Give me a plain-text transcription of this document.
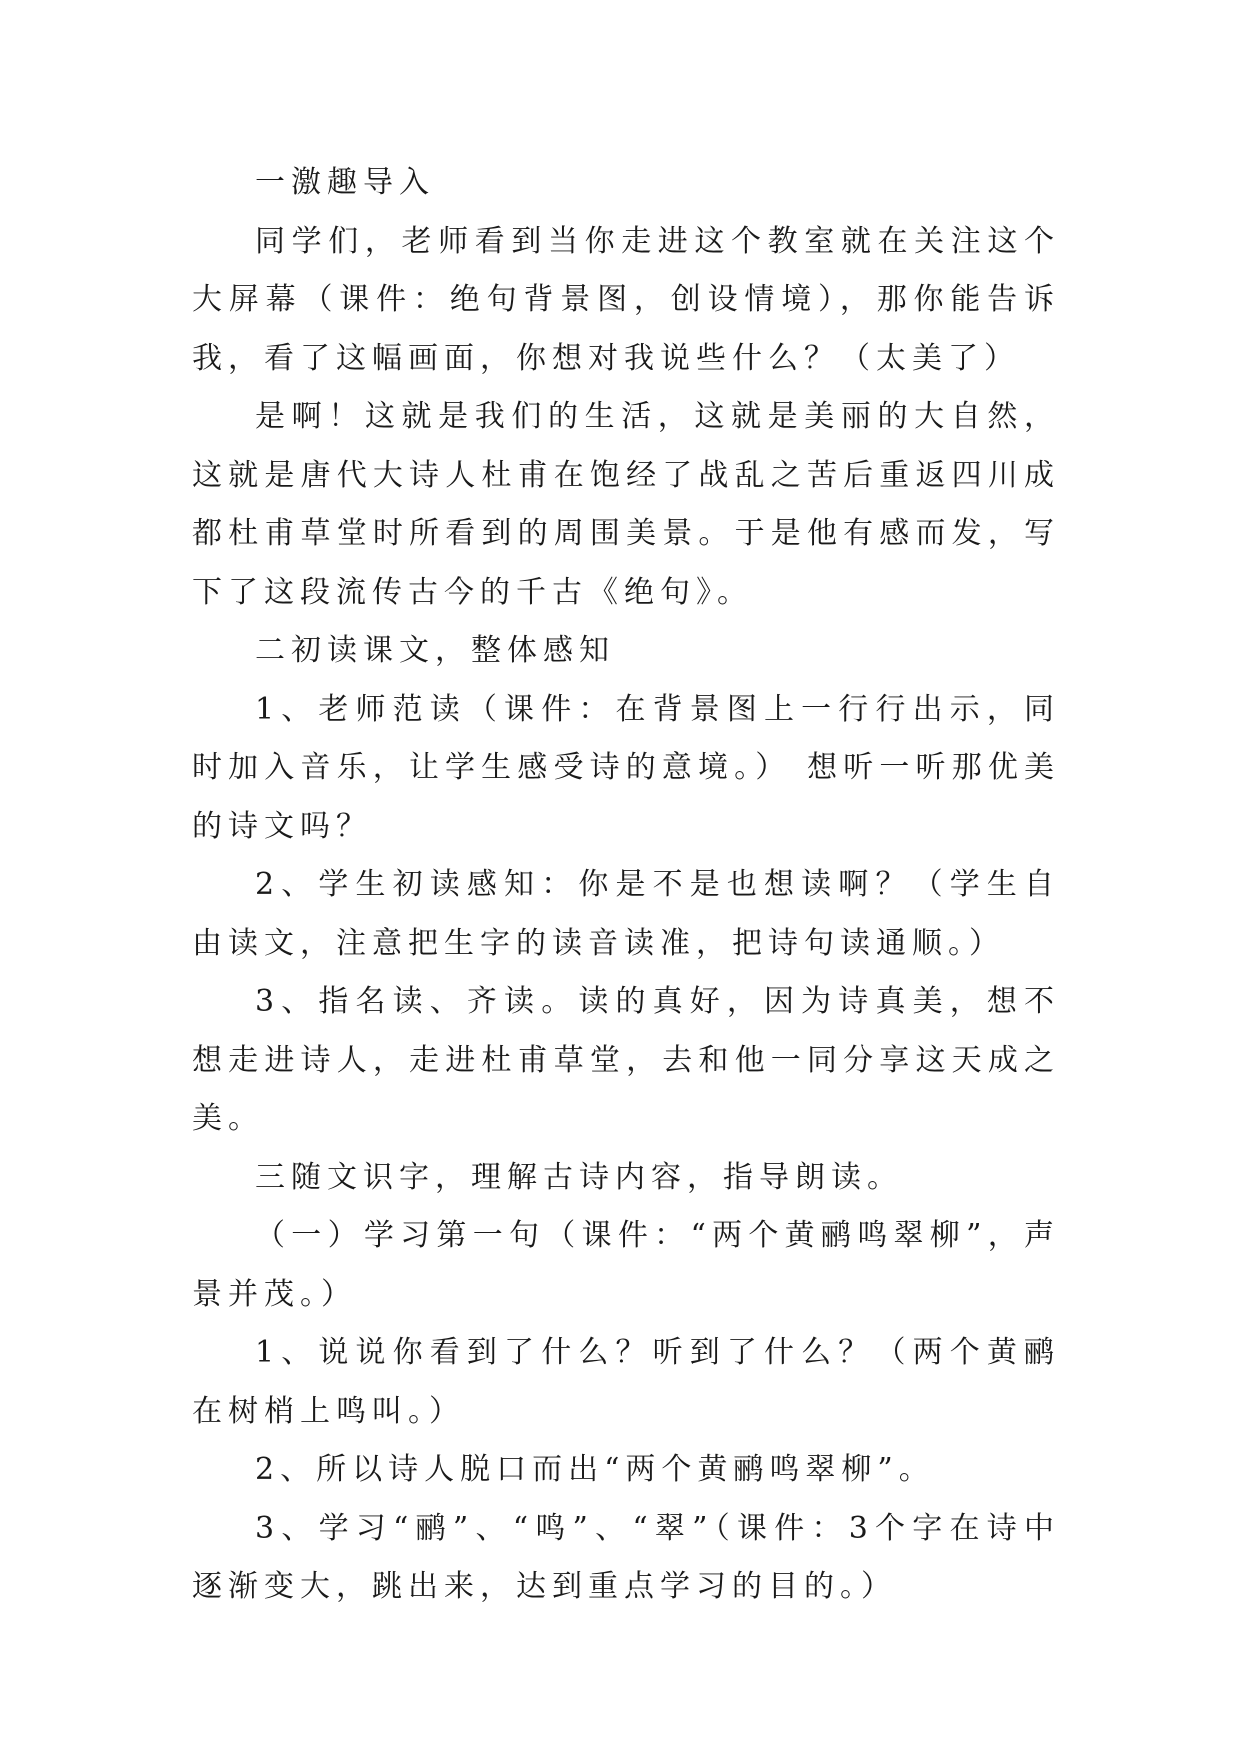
一激趣导入

同学们，老师看到当你走进这个教室就在关注这个大屏幕（课件：绝句背景图，创设情境），那你能告诉我，看了这幅画面，你想对我说些什么？（太美了）

是啊！这就是我们的生活，这就是美丽的大自然，这就是唐代大诗人杜甫在饱经了战乱之苦后重返四川成都杜甫草堂时所看到的周围美景。于是他有感而发，写下了这段流传古今的千古《绝句》。

二初读课文，整体感知

1、老师范读（课件：在背景图上一行行出示，同时加入音乐，让学生感受诗的意境。） 想听一听那优美的诗文吗？

2、学生初读感知：你是不是也想读啊？（学生自由读文，注意把生字的读音读准，把诗句读通顺。）

3、指名读、齐读。读的真好，因为诗真美，想不想走进诗人，走进杜甫草堂，去和他一同分享这天成之美。

三随文识字，理解古诗内容，指导朗读。

（一）学习第一句（课件：“两个黄鹂鸣翠柳”，声景并茂。）

1、说说你看到了什么？听到了什么？（两个黄鹂在树梢上鸣叫。）

2、所以诗人脱口而出“两个黄鹂鸣翠柳”。

3、学习“鹂”、“鸣”、“翠”（课件：3个字在诗中逐渐变大，跳出来，达到重点学习的目的。）
